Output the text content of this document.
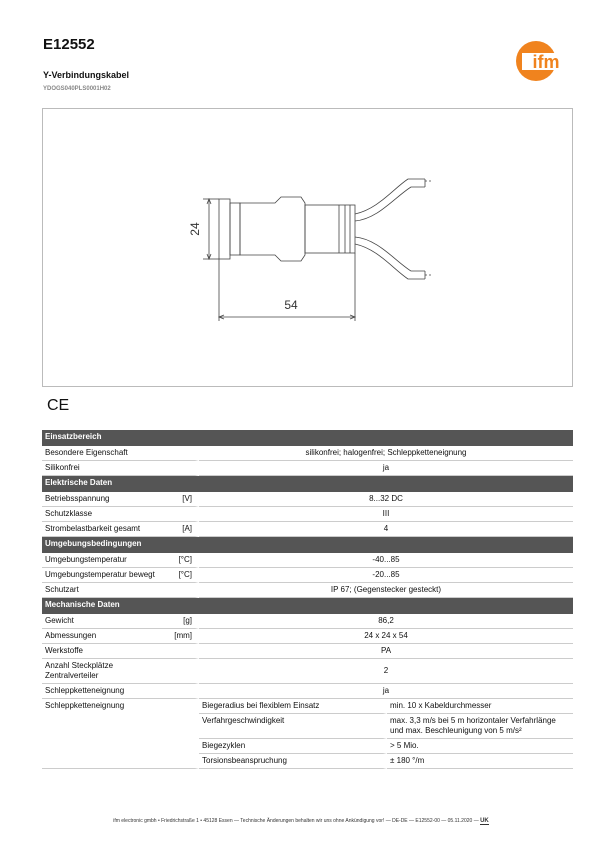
E12552
ifm
Y-Verbindungskabel
YDOGS040PLS0001H02
24
54
CE
Einsatzbereich			
Besondere Eigenschaft		silikonfrei; halogenfrei; Schleppketteneignung	
Silikonfrei		ja	
Elektrische Daten			
Betriebsspannung	[V]	8...32 DC	
Schutzklasse		III	
Strombelastbarkeit gesamt	[A]	4	
Umgebungsbedingungen			
Umgebungstemperatur	[°C]	-40...85	
Umgebungstemperatur bewegt	[°C]	-20...85	
Schutzart		IP 67; (Gegenstecker gesteckt)	
Mechanische Daten			
Gewicht	[g]	86,2	
Abmessungen	[mm]	24 x 24 x 54	
Werkstoffe		PA	
Anzahl Steckplätze Zentralverteiler		2	
Schleppketteneignung		ja	
Schleppketteneignung		Biegeradius bei flexiblem Einsatz	min. 10 x Kabeldurchmesser
		Verfahrgeschwindigkeit	max. 3,3 m/s bei 5 m horizontaler Verfahrlänge und max. Beschleunigung von 5 m/s²
		Biegezyklen	> 5 Mio.
		Torsionsbeanspruchung	± 180 °/m
ifm electronic gmbh • Friedrichstraße 1 • 45128 Essen — Technische Änderungen behalten wir uns ohne Ankündigung vor! — DE-DE — E12552-00 — 05.11.2020 — UK
